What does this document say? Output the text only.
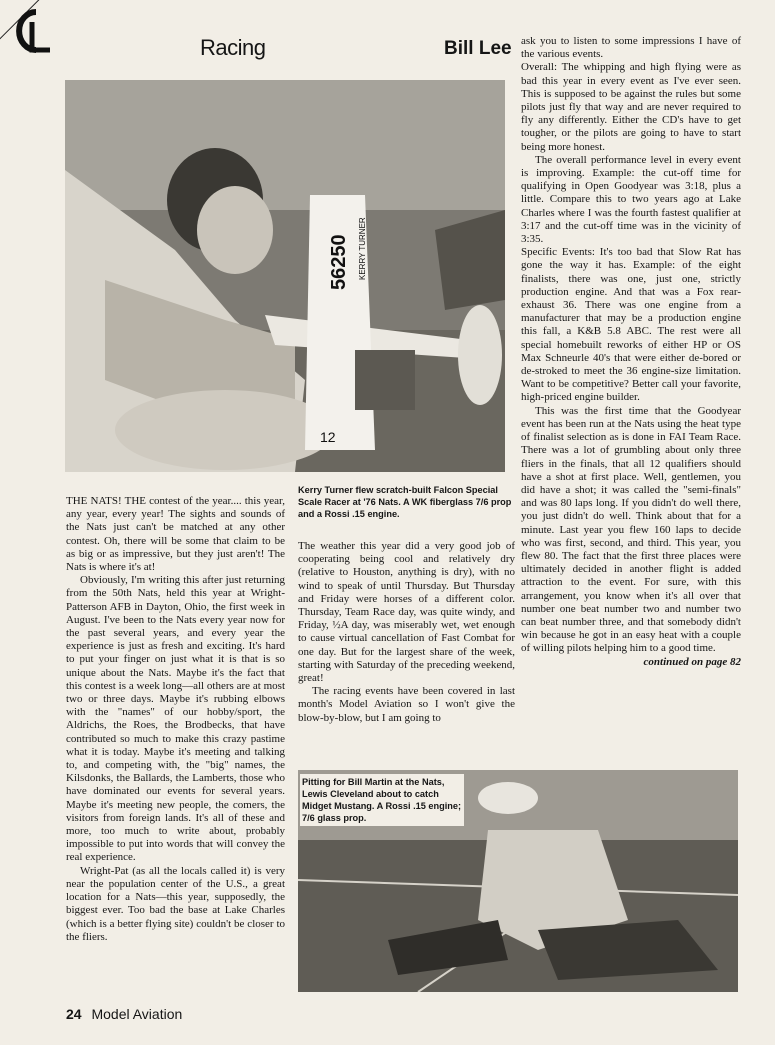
Racing	Bill Lee
56250 KERRY TURNER
12
Kerry Turner flew scratch-built Falcon Special Scale Racer at '76 Nats. A WK fiberglass 7/6 prop and a Rossi .15 engine.

THE NATS! THE contest of the year.... this year, any year, every year! The sights and sounds of the Nats just can't be matched at any other contest. Oh, there will be some that claim to be as big or as impressive, but they just aren't! The Nats is where it's at!

Obviously, I'm writing this after just returning from the 50th Nats, held this year at Wright-Patterson AFB in Dayton, Ohio, the first week in August. I've been to the Nats every year now for the past several years, and every year the experience is just as fresh and exciting. It's hard to put your finger on just what it is that is so unique about the Nats. Maybe it's the fact that this contest is a week long—all others are at most two or three days. Maybe it's rubbing elbows with the "names" of our hobby/sport, the Aldrichs, the Roes, the Brodbecks, that have contributed so much to make this crazy pastime what it is today. Maybe it's meeting and talking to, and competing with, the "big" names, the Kilsdonks, the Ballards, the Lamberts, those who have dominated our events for several years. Maybe it's meeting new people, the comers, the visitors from foreign lands. It's all of these and more, too much to write about, probably impossible to put into words that will convey the real experience.

Wright-Pat (as all the locals called it) is very near the population center of the U.S., a great location for a Nats—this year, supposedly, the biggest ever. Too bad the base at Lake Charles (which is a better flying site) couldn't be closer to the fliers.

The weather this year did a very good job of cooperating being cool and relatively dry (relative to Houston, anything is dry), with no wind to speak of until Thursday. But Thursday and Friday were horses of a different color. Thursday, Team Race day, was quite windy, and Friday, ½A day, was miserably wet, wet enough to cause virtual cancellation of Fast Combat for one day. But for the largest share of the week, starting with Saturday of the preceding weekend, great!

The racing events have been covered in last month's Model Aviation so I won't give the blow-by-blow, but I am going to

Pitting for Bill Martin at the Nats, Lewis Cleveland about to catch Midget Mustang. A Rossi .15 engine; 7/6 glass prop.

ask you to listen to some impressions I have of the various events.

Overall: The whipping and high flying were as bad this year in every event as I've ever seen. This is supposed to be against the rules but some pilots just fly that way and are never required to fly any differently. Either the CD's have to get tougher, or the pilots are going to have to start being more honest.

The overall performance level in every event is improving. Example: the cut-off time for qualifying in Open Goodyear was 3:18, plus a little. Compare this to two years ago at Lake Charles where I was the fourth fastest qualifier at 3:17 and the cut-off time was in the vicinity of 3:35.

Specific Events: It's too bad that Slow Rat has gone the way it has. Example: of the eight finalists, there was one, just one, strictly production engine. And that was a Fox rear-exhaust 36. There was one engine from a manufacturer that may be a production engine this fall, a K&B 5.8 ABC. The rest were all special homebuilt reworks of either HP or OS Max Schneurle 40's that were either de-bored or de-stroked to meet the 36 engine-size limitation. Want to be competitive? Better call your favorite, high-priced engine builder.

This was the first time that the Goodyear event has been run at the Nats using the heat type of finalist selection as is done in FAI Team Race. There was a lot of grumbling about only three fliers in the finals, that all 12 qualifiers should have a shot at first place. Well, gentlemen, you did have a shot; it was called the "semi-finals" and was 80 laps long. If you didn't do well there, you just didn't do well. Think about that for a minute. Last year you flew 160 laps to decide who was first, second, and third. This year, you flew 80. The fact that the first three places were ultimately decided in another flight is added attraction to the event. For sure, with this arrangement, you know when it's all over that number one beat number two and number two can beat number three, and that somebody didn't win because he got in an easy heat with a couple of willing pilots helping him to a good time.

continued on page 82

24 Model Aviation
